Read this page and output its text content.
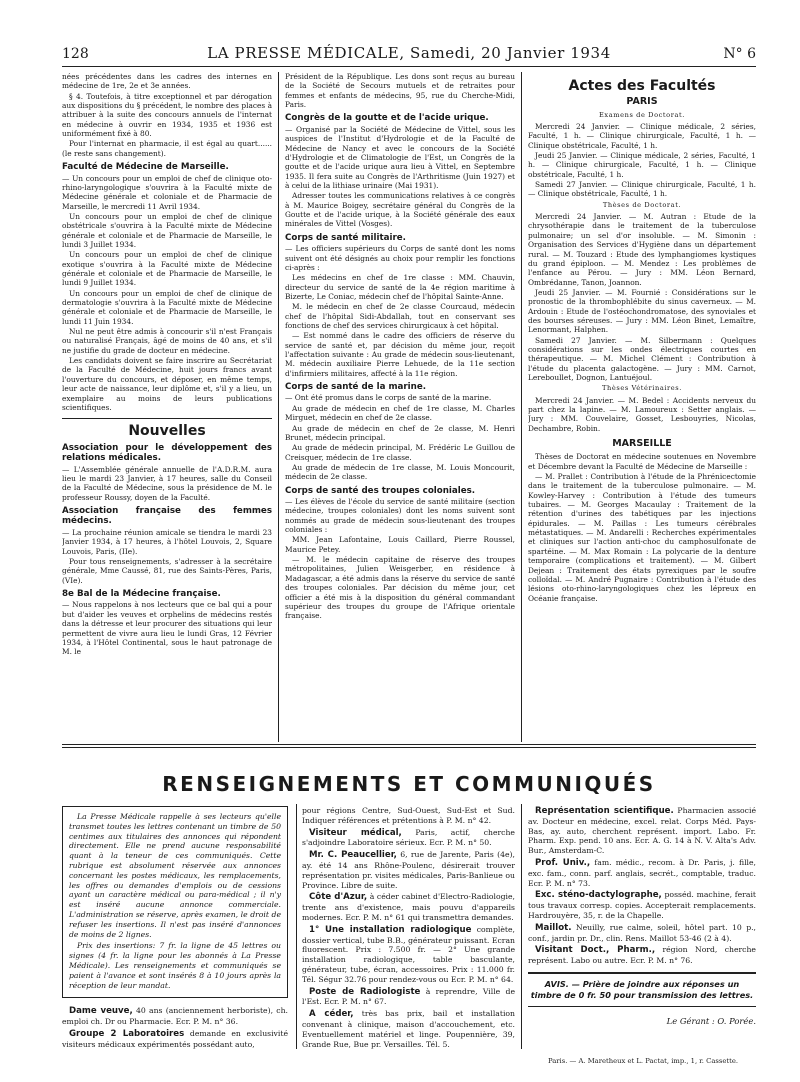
128	LA PRESSE MÉDICALE, Samedi, 20 Janvier 1934	N° 6

nées précédentes dans les cadres des internes en médecine de 1re, 2e et 3e années.

§ 4. Toutefois, à titre exceptionnel et par dérogation aux dispositions du § précédent, le nombre des places à attribuer à la suite des concours annuels de l'internat en médecine à ouvrir en 1934, 1935 et 1936 est uniformément fixé à 80.

Pour l'internat en pharmacie, il est égal au quart...... (le reste sans changement).

Faculté de Médecine de Marseille.

— Un concours pour un emploi de chef de clinique oto-rhino-laryngologique s'ouvrira à la Faculté mixte de Médecine générale et coloniale et de Pharmacie de Marseille, le mercredi 11 Avril 1934.

Un concours pour un emploi de chef de clinique obstétricale s'ouvrira à la Faculté mixte de Médecine générale et coloniale et de Pharmacie de Marseille, le lundi 3 Juillet 1934.

Un concours pour un emploi de chef de clinique exotique s'ouvrira à la Faculté mixte de Médecine générale et coloniale et de Pharmacie de Marseille, le lundi 9 Juillet 1934.

Un concours pour un emploi de chef de clinique de dermatologie s'ouvrira à la Faculté mixte de Médecine générale et coloniale et de Pharmacie de Marseille, le lundi 11 Juin 1934.

Nul ne peut être admis à concourir s'il n'est Français ou naturalisé Français, âgé de moins de 40 ans, et s'il ne justifie du grade de docteur en médecine.

Les candidats doivent se faire inscrire au Secrétariat de la Faculté de Médecine, huit jours francs avant l'ouverture du concours, et déposer, en même temps, leur acte de naissance, leur diplôme et, s'il y a lieu, un exemplaire au moins de leurs publications scientifiques.

Nouvelles
Association pour le développement des relations médicales.

— L'Assemblée générale annuelle de l'A.D.R.M. aura lieu le mardi 23 Janvier, à 17 heures, salle du Conseil de la Faculté de Médecine, sous la présidence de M. le professeur Roussy, doyen de la Faculté.

Association française des femmes médecins.

— La prochaine réunion amicale se tiendra le mardi 23 Janvier 1934, à 17 heures, à l'hôtel Louvois, 2, Square Louvois, Paris, (IIe).

Pour tous renseignements, s'adresser à la secrétaire générale, Mme Caussé, 81, rue des Saints-Pères, Paris, (VIe).

8e Bal de la Médecine française.

— Nous rappelons à nos lecteurs que ce bal qui a pour but d'aider les veuves et orphelins de médecins restés dans la détresse et leur procurer des situations qui leur permettent de vivre aura lieu le lundi Gras, 12 Février 1934, à l'Hôtel Continental, sous le haut patronage de M. le

Président de la République. Les dons sont reçus au bureau de la Société de Secours mutuels et de retraites pour femmes et enfants de médecins, 95, rue du Cherche-Midi, Paris.

Congrès de la goutte et de l'acide urique.

— Organisé par la Société de Médecine de Vittel, sous les auspices de l'Institut d'Hydrologie et de la Faculté de Médecine de Nancy et avec le concours de la Société d'Hydrologie et de Climatologie de l'Est, un Congrès de la goutte et de l'acide urique aura lieu à Vittel, en Septembre 1935. Il fera suite au Congrès de l'Arthritisme (Juin 1927) et à celui de la lithiase urinaire (Mai 1931).

Adresser toutes les communications relatives à ce congrès à M. Maurice Boigey, secrétaire général du Congrès de la Goutte et de l'acide urique, à la Société générale des eaux minérales de Vittel (Vosges).

Corps de santé militaire.

— Les officiers supérieurs du Corps de santé dont les noms suivent ont été désignés au choix pour remplir les fonctions ci-après :

Les médecins en chef de 1re classe : MM. Chauvin, directeur du service de santé de la 4e région maritime à Bizerte, Le Coniac, médecin chef de l'hôpital Sainte-Anne.

M. le médecin en chef de 2e classe Courcaud, médecin chef de l'hôpital Sidi-Abdallah, tout en conservant ses fonctions de chef des services chirurgicaux à cet hôpital.

— Est nommé dans le cadre des officiers de réserve du service de santé et, par décision du même jour, reçoit l'affectation suivante : Au grade de médecin sous-lieutenant, M. médecin auxiliaire Pierre Lehuede, de la 11e section d'infirmiers militaires, affecté à la 11e région.

Corps de santé de la marine.

— Ont été promus dans le corps de santé de la marine.

Au grade de médecin en chef de 1re classe, M. Charles Mirguet, médecin en chef de 2e classe.

Au grade de médecin en chef de 2e classe, M. Henri Brunet, médecin principal.

Au grade de médecin principal, M. Frédéric Le Guillou de Creisquer, médecin de 1re classe.

Au grade de médecin de 1re classe, M. Louis Moncourit, médecin de 2e classe.

Corps de santé des troupes coloniales.

— Les élèves de l'école du service de santé militaire (section médecine, troupes coloniales) dont les noms suivent sont nommés au grade de médecin sous-lieutenant des troupes coloniales :

MM. Jean Lafontaine, Louis Caillard, Pierre Roussel, Maurice Petey.

— M. le médecin capitaine de réserve des troupes métropolitaines, Julien Weisgerber, en résidence à Madagascar, a été admis dans la réserve du service de santé des troupes coloniales. Par décision du même jour, cet officier a été mis à la disposition du général commandant supérieur des troupes du groupe de l'Afrique orientale française.

Actes des Facultés
PARIS
Examens de Doctorat.

Mercredi 24 Janvier. — Clinique médicale, 2 séries, Faculté, 1 h. — Clinique chirurgicale, Faculté, 1 h. — Clinique obstétricale, Faculté, 1 h.

Jeudi 25 Janvier. — Clinique médicale, 2 séries, Faculté, 1 h. — Clinique chirurgicale, Faculté, 1 h. — Clinique obstétricale, Faculté, 1 h.

Samedi 27 Janvier. — Clinique chirurgicale, Faculté, 1 h. — Clinique obstétricale, Faculté, 1 h.

Thèses de Doctorat.

Mercredi 24 Janvier. — M. Autran : Etude de la chrysothérapie dans le traitement de la tuberculose pulmonaire; un sel d'or insoluble. — M. Simonin : Organisation des Services d'Hygiène dans un département rural. — M. Touzard : Etude des lymphangiomes kystiques du grand épiploon. — M. Mendez : Les problèmes de l'enfance au Pérou. — Jury : MM. Léon Bernard, Ombrédanne, Tanon, Joannon.

Jeudi 25 Janvier. — M. Fournié : Considérations sur le pronostic de la thrombophlébite du sinus caverneux. — M. Ardouin : Etude de l'ostéochondromatose, des synoviales et des bourses séreuses. — Jury : MM. Léon Binet, Lemaître, Lenormant, Halphen.

Samedi 27 Janvier. — M. Silbermann : Quelques considérations sur les ondes électriques courtes en thérapeutique. — M. Michel Clément : Contribution à l'étude du placenta galactogène. — Jury : MM. Carnot, Lereboullet, Dognon, Lantuéjoul.

Thèses Vétérinaires.

Mercredi 24 Janvier. — M. Bedel : Accidents nerveux du part chez la lapine. — M. Lamoureux : Setter anglais. — Jury : MM. Couvelaire, Gosset, Lesbouyries, Nicolas, Dechambre, Robin.

MARSEILLE

Thèses de Doctorat en médecine soutenues en Novembre et Décembre devant la Faculté de Médecine de Marseille :

— M. Prallet : Contribution à l'étude de la Phrénicectomie dans le traitement de la tuberculose pulmonaire. — M. Kowley-Harvey : Contribution à l'étude des tumeurs tubaires. — M. Georges Macaulay : Traitement de la rétention d'urines des tabétiques par les injections épidurales. — M. Paillas : Les tumeurs cérébrales métastatiques. — M. Andarelli : Recherches expérimentales et cliniques sur l'action anti-choc du camphosulfonate de spartéine. — M. Max Romain : La polycarie de la denture temporaire (complications et traitement). — M. Gilbert Dejean : Traitement des états pyrexiques par le soufre colloïdal. — M. André Pugnaire : Contribution à l'étude des lésions oto-rhino-laryngologiques chez les lépreux en Océanie française.

RENSEIGNEMENTS ET COMMUNIQUÉS

La Presse Médicale rappelle à ses lecteurs qu'elle transmet toutes les lettres contenant un timbre de 50 centimes aux titulaires des annonces qui répondent directement. Elle ne prend aucune responsabilité quant à la teneur de ces communiqués. Cette rubrique est absolument réservée aux annonces concernant les postes médicaux, les remplacements, les offres ou demandes d'emplois ou de cessions ayant un caractère médical ou para-médical ; il n'y est inséré aucune annonce commerciale. L'administration se réserve, après examen, le droit de refuser les insertions. Il n'est pas inséré d'annonces de moins de 2 lignes.

Prix des insertions: 7 fr. la ligne de 45 lettres ou signes (4 fr. la ligne pour les abonnés à La Presse Médicale). Les renseignements et communiqués se paient à l'avance et sont insérés 8 à 10 jours après la réception de leur mandat.

Dame veuve, 40 ans (anciennement herboriste), ch. emploi ch. Dr ou Pharmacie. Ecr. P. M. n° 36.

Groupe 2 Laboratoires demande en exclusivité visiteurs médicaux expérimentés possédant auto,

pour régions Centre, Sud-Ouest, Sud-Est et Sud. Indiquer références et prétentions à P. M. n° 42.

Visiteur médical, Paris, actif, cherche s'adjoindre Laboratoire sérieux. Ecr. P. M. n° 50.

Mr. C. Peaucellier, 6, rue de Jarente, Paris (4e), ay. été 14 ans Rhône-Poulenc, désirerait trouver représentation pr. visites médicales, Paris-Banlieue ou Province. Libre de suite.

Côte d'Azur, à céder cabinet d'Electro-Radiologie, trente ans d'existence, mais pouvu d'appareils modernes. Ecr. P. M. n° 61 qui transmettra demandes.

1° Une installation radiologique complète, dossier vertical, tube B.B., générateur puissant. Ecran fluorescent. Prix : 7.500 fr. — 2° Une grande installation radiologique, table basculante, générateur, tube, écran, accessoires. Prix : 11.000 fr. Tél. Ségur 32.76 pour rendez-vous ou Ecr. P. M. n° 64.

Poste de Radiologiste à reprendre, Ville de l'Est. Ecr. P. M. n° 67.

A céder, très bas prix, bail et installation convenant à clinique, maison d'accouchement, etc. Eventuellement matériel et linge. Poupennière, 39, Grande Rue, Bue pr. Versailles. Tél. 5.

Représentation scientifique. Pharmacien associé av. Docteur en médecine, excel. relat. Corps Méd. Pays-Bas, ay. auto, cherchent représent. import. Labo. Fr. Pharm. Exp. pend. 10 ans. Ecr. A. G. 14 à N. V. Alta's Adv. Bur., Amsterdam-C.

Prof. Univ., fam. médic., recom. à Dr. Paris, j. fille, exc. fam., conn. parf. anglais, secrét., comptable, traduc. Ecr. P. M. n° 73.

Exc. sténo-dactylographe, posséd. machine, ferait tous travaux corresp. copies. Accepterait remplacements. Hardrouyère, 35, r. de la Chapelle.

Maillot. Neuilly, rue calme, soleil, hôtel part. 10 p., conf., jardin pr. Dr., clin. Rens. Maillot 53-46 (2 à 4).

Visitant Doct., Pharm., région Nord, cherche représent. Labo ou autre. Ecr. P. M. n° 76.

AVIS. — Prière de joindre aux réponses un timbre de 0 fr. 50 pour transmission des lettres.
Le Gérant : O. Porée.
Paris. — A. Maretheux et L. Pactat, imp., 1, r. Cassette.
